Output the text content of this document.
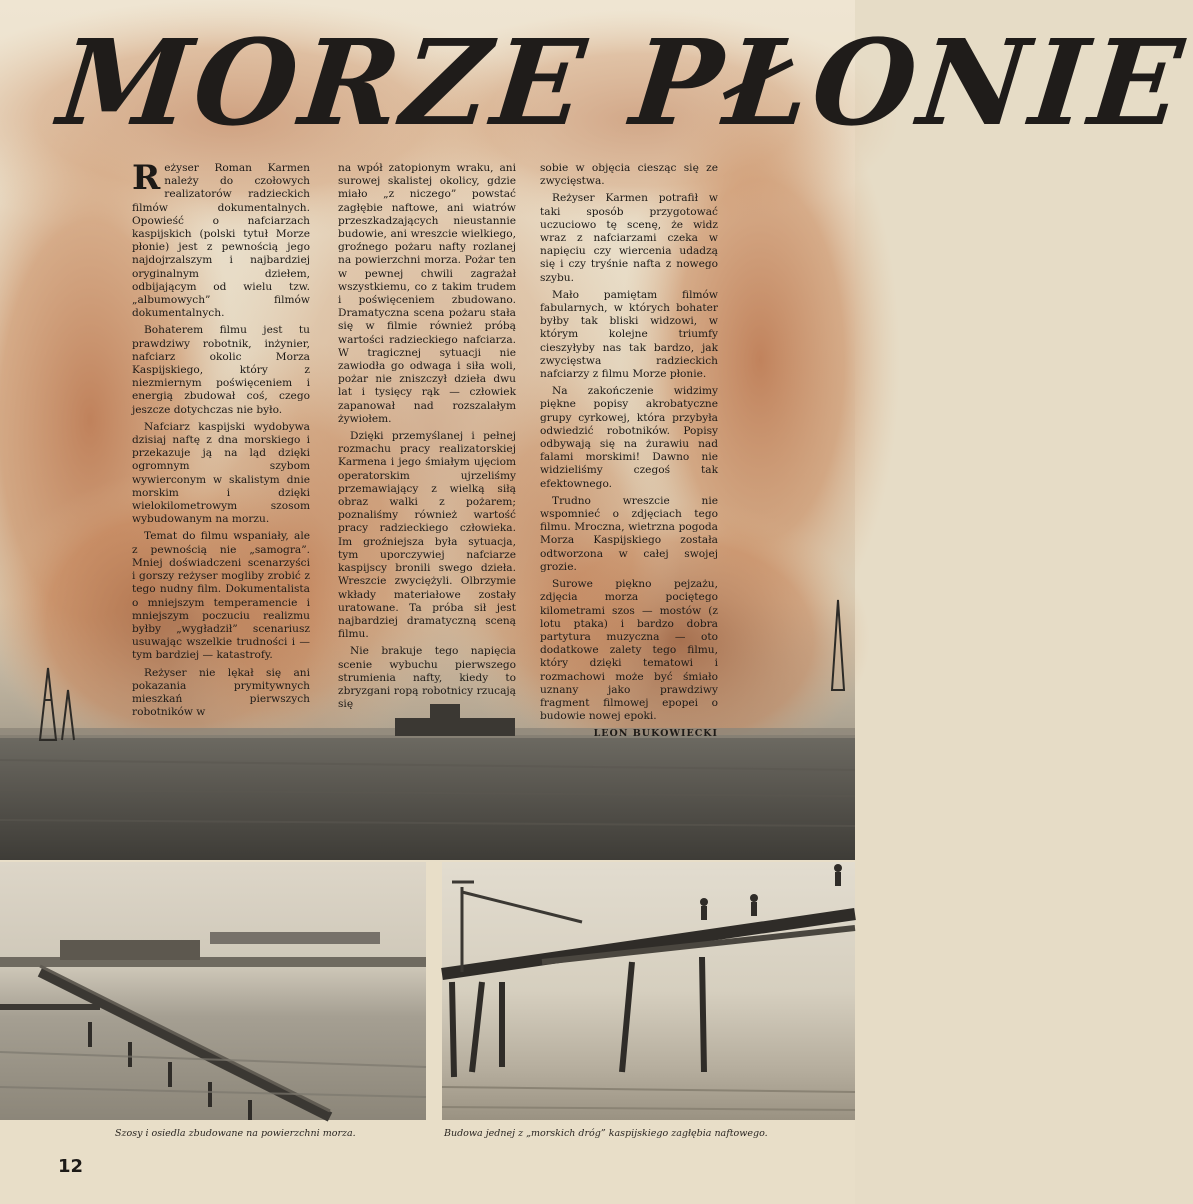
MORZE PŁONIE

Reżyser Roman Karmen należy do czołowych realizatorów radzieckich filmów dokumentalnych. Opowieść o nafciarzach kaspijskich (polski tytuł Morze płonie) jest z pewnością jego najdojrzalszym i najbardziej oryginalnym dziełem, odbijającym od wielu tzw. „albumowych” filmów dokumentalnych.

Bohaterem filmu jest tu prawdziwy robotnik, inżynier, nafciarz okolic Morza Kaspijskiego, który z niezmiernym poświęceniem i energią zbudował coś, czego jeszcze dotychczas nie było.

Nafciarz kaspijski wydobywa dzisiaj naftę z dna morskiego i przekazuje ją na ląd dzięki ogromnym szybom wywierconym w skalistym dnie morskim i dzięki wielokilometrowym szosom wybudowanym na morzu.

Temat do filmu wspaniały, ale z pewnością nie „samogra”. Mniej doświadczeni scenarzyści i gorszy reżyser mogliby zrobić z tego nudny film. Dokumentalista o mniejszym temperamencie i mniejszym poczuciu realizmu byłby „wygładził” scenariusz usuwając wszelkie trudności i — tym bardziej — katastrofy.

Reżyser nie lękał się ani pokazania prymitywnych mieszkań pierwszych robotników w

na wpół zatopionym wraku, ani surowej skalistej okolicy, gdzie miało „z niczego” powstać zagłębie naftowe, ani wiatrów przeszkadzających nieustannie budowie, ani wreszcie wielkiego, groźnego pożaru nafty rozlanej na powierzchni morza. Pożar ten w pewnej chwili zagrażał wszystkiemu, co z takim trudem i poświęceniem zbudowano. Dramatyczna scena pożaru stała się w filmie również próbą wartości radzieckiego nafciarza. W tragicznej sytuacji nie zawiodła go odwaga i siła woli, pożar nie zniszczył dzieła dwu lat i tysięcy rąk — człowiek zapanował nad rozszalałym żywiołem.

Dzięki przemyślanej i pełnej rozmachu pracy realizatorskiej Karmena i jego śmiałym ujęciom operatorskim ujrzeliśmy przemawiający z wielką siłą obraz walki z pożarem; poznaliśmy również wartość pracy radzieckiego człowieka. Im groźniejsza była sytuacja, tym uporczywiej nafciarze kaspijscy bronili swego dzieła. Wreszcie zwyciężyli. Olbrzymie wkłady materiałowe zostały uratowane. Ta próba sił jest najbardziej dramatyczną sceną filmu.

Nie brakuje tego napięcia scenie wybuchu pierwszego strumienia nafty, kiedy to zbryzgani ropą robotnicy rzucają się

sobie w objęcia ciesząc się ze zwycięstwa.

Reżyser Karmen potrafił w taki sposób przygotować uczuciowo tę scenę, że widz wraz z nafciarzami czeka w napięciu czy wiercenia udadzą się i czy tryśnie nafta z nowego szybu.

Mało pamiętam filmów fabularnych, w których bohater byłby tak bliski widzowi, w którym kolejne triumfy cieszyłyby nas tak bardzo, jak zwycięstwa radzieckich nafciarzy z filmu Morze płonie.

Na zakończenie widzimy piękne popisy akrobatyczne grupy cyrkowej, która przybyła odwiedzić robotników. Popisy odbywają się na żurawiu nad falami morskimi! Dawno nie widzieliśmy czegoś tak efektownego.

Trudno wreszcie nie wspomnieć o zdjęciach tego filmu. Mroczna, wietrzna pogoda Morza Kaspijskiego została odtworzona w całej swojej grozie.

Surowe piękno pejzażu, zdjęcia morza pociętego kilometrami szos — mostów (z lotu ptaka) i bardzo dobra partytura muzyczna — oto dodatkowe zalety tego filmu, który dzięki tematowi i rozmachowi może być śmiało uznany jako prawdziwy fragment filmowej epopei o budowie nowej epoki.

LEON BUKOWIECKI
Szosy i osiedla zbudowane na powierzchni morza.	Budowa jednej z „morskich dróg” kaspijskiego zagłębia naftowego.
12
